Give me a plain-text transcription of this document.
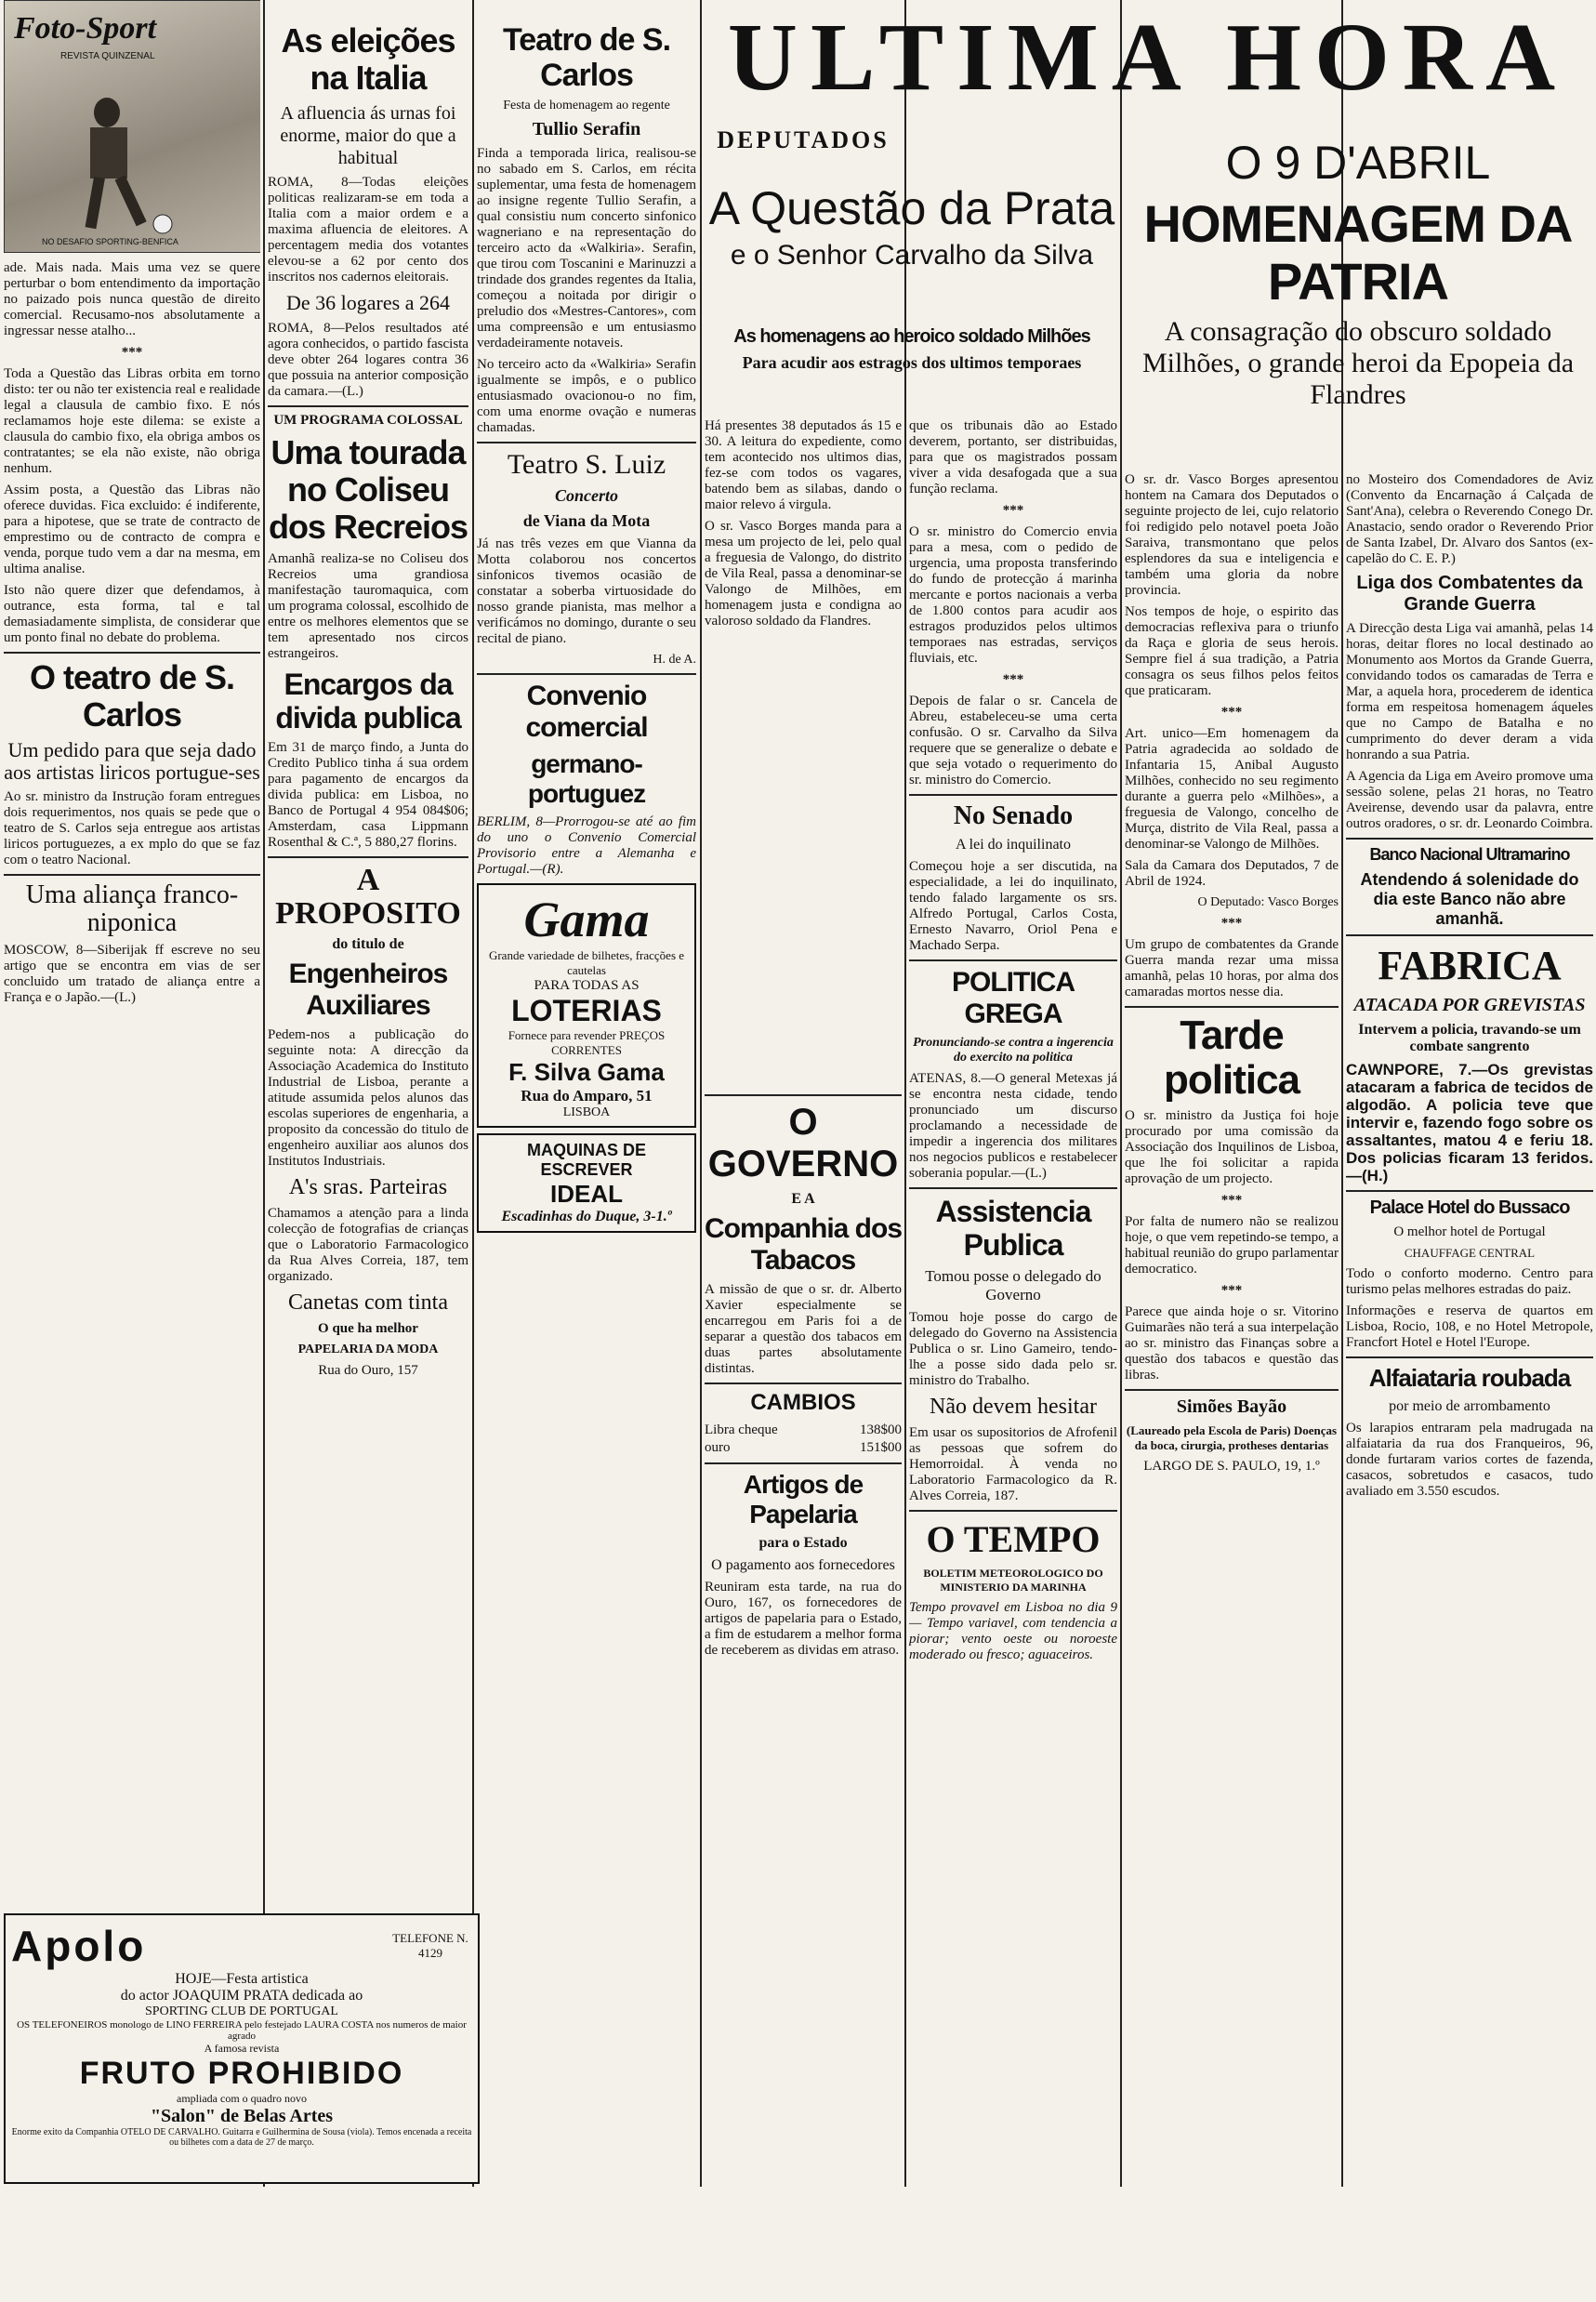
ULTIMA HORA
Foto-Sport
REVISTA QUINZENAL
NO DESAFIO SPORTING-BENFICA

ade. Mais nada. Mais uma vez se quere perturbar o bom entendimento da importação no paizado pois nunca questão de direito comercial. Recusamo-nos absolutamente a ingressar nesse atalho...

***

Toda a Questão das Libras orbita em torno disto: ter ou não ter existencia real e realidade legal a clausula de cambio fixo. E nós reclamamos hoje este dilema: se existe a clausula do cambio fixo, ela obriga ambos os contratantes; se ela não existe, não obriga nenhum.

Assim posta, a Questão das Libras não oferece duvidas. Fica excluido: é indiferente, para a hipotese, que se trate de contracto de emprestimo ou de contracto de compra e venda, porque tudo vem a dar na mesma, em ultima analise.

Isto não quere dizer que defendamos, à outrance, esta forma, tal e tal demasiadamente simplista, de considerar que um ponto final no debate do problema.

O teatro de S. Carlos
Um pedido para que seja dado aos artistas liricos portugue-ses

Ao sr. ministro da Instrução foram entregues dois requerimentos, nos quais se pede que o teatro de S. Carlos seja entregue aos artistas liricos portuguezes, a ex mplo do que se faz com o teatro Nacional.

Uma aliança franco-niponica

MOSCOW, 8—Siberijak ff escreve no seu artigo que se encontra em vias de ser concluido um tratado de aliança entre a França e o Japão.—(L.)

As eleições na Italia
A afluencia ás urnas foi enorme, maior do que a habitual

ROMA, 8—Todas eleições politicas realizaram-se em toda a Italia com a maior ordem e a maxima afluencia de eleitores. A percentagem media dos votantes elevou-se a 62 por cento dos inscritos nos cadernos eleitorais.

De 36 logares a 264

ROMA, 8—Pelos resultados até agora conhecidos, o partido fascista deve obter 264 logares contra 36 que possuia na anterior composição da camara.—(L.)

UM PROGRAMA COLOSSAL
Uma tourada no Coliseu dos Recreios

Amanhã realiza-se no Coliseu dos Recreios uma grandiosa manifestação tauromaquica, com um programa colossal, escolhido de entre os melhores elementos que se tem apresentado nos circos estrangeiros.

Encargos da divida publica

Em 31 de março findo, a Junta do Credito Publico tinha á sua ordem para pagamento de encargos da divida publica: em Lisboa, no Banco de Portugal 4 954 084$06; Amsterdam, casa Lippmann Rosenthal & C.ª, 5 880,27 florins.

A PROPOSITO
do titulo de
Engenheiros Auxiliares

Pedem-nos a publicação do seguinte nota: A direcção da Associação Academica do Instituto Industrial de Lisboa, perante a atitude assumida pelos alunos das escolas superiores de engenharia, a proposito da concessão do titulo de engenheiro auxiliar aos alunos dos Institutos Industriais.

A's sras. Parteiras

Chamamos a atenção para a linda colecção de fotografias de crianças que o Laboratorio Farmacologico da Rua Alves Correia, 187, tem organizado.

Canetas com tinta
O que ha melhor
PAPELARIA DA MODA
Rua do Ouro, 157
Teatro de S. Carlos
Festa de homenagem ao regente
Tullio Serafin

Finda a temporada lirica, realisou-se no sabado em S. Carlos, em récita suplementar, uma festa de homenagem ao insigne regente Tullio Serafin, a qual consistiu num concerto sinfonico wagneriano e na representação do terceiro acto da «Walkiria». Serafin, que tirou com Toscanini e Marinuzzi a trindade dos grandes regentes da Italia, começou a noitada por dirigir o preludio dos «Mestres-Cantores», com uma compreensão e um entusiasmo verdadeiramente notaveis.

No terceiro acto da «Walkiria» Serafin igualmente se impôs, e o publico entusiasmado ovacionou-o no fim, com uma enorme ovação e numeras chamadas.

Teatro S. Luiz
Concerto
de Viana da Mota

Já nas três vezes em que Vianna da Motta colaborou nos concertos sinfonicos tivemos ocasião de constatar a soberba virtuosidade do nosso grande pianista, mas melhor a verificámos no domingo, durante o seu recital de piano.

H. de A.
Convenio comercial
germano-portuguez

BERLIM, 8—Prorrogou-se até ao fim do uno o Convenio Comercial Provisorio entre a Alemanha e Portugal.—(R).

Gama
Grande variedade de bilhetes, fracções e cautelas
PARA TODAS AS
LOTERIAS
Fornece para revender PREÇOS CORRENTES
F. Silva Gama
Rua do Amparo, 51
LISBOA
MAQUINAS DE ESCREVER
IDEAL
Escadinhas do Duque, 3-1.º
DEPUTADOS
A Questão da Prata
e o Senhor Carvalho da Silva
As homenagens ao heroico soldado Milhões
Para acudir aos estragos dos ultimos temporaes

Há presentes 38 deputados ás 15 e 30. A leitura do expediente, como tem acontecido nos ultimos dias, fez-se com todos os vagares, batendo bem as silabas, dando o maior relevo á virgula.

O sr. Vasco Borges manda para a mesa um projecto de lei, pelo qual a freguesia de Valongo, do distrito de Vila Real, passa a denominar-se Valongo de Milhões, em homenagem justa e condigna ao valoroso soldado da Flandres.

O GOVERNO
E A
Companhia dos Tabacos

A missão de que o sr. dr. Alberto Xavier especialmente se encarregou em Paris foi a de separar a questão dos tabacos em duas partes absolutamente distintas.

CAMBIOS
Libra cheque	138$00
ouro	151$00
Artigos de Papelaria
para o Estado
O pagamento aos fornecedores

Reuniram esta tarde, na rua do Ouro, 167, os fornecedores de artigos de papelaria para o Estado, a fim de estudarem a melhor forma de receberem as dividas em atraso.

que os tribunais dão ao Estado deverem, portanto, ser distribuidas, para que os magistrados possam viver a vida desafogada que a sua função reclama.

***

O sr. ministro do Comercio envia para a mesa, com o pedido de urgencia, uma proposta transferindo do fundo de protecção á marinha mercante e portos nacionais a verba de 1.800 contos para acudir aos estragos produzidos pelos ultimos temporaes nas estradas, serviços fluviais, etc.

***

Depois de falar o sr. Cancela de Abreu, estabeleceu-se uma certa confusão. O sr. Carvalho da Silva requere que se generalize o debate e que seja votado o requerimento do sr. ministro do Comercio.

No Senado
A lei do inquilinato

Começou hoje a ser discutida, na especialidade, a lei do inquilinato, tendo falado largamente os srs. Alfredo Portugal, Carlos Costa, Ernesto Navarro, Oriol Pena e Machado Serpa.

POLITICA GREGA
Pronunciando-se contra a ingerencia do exercito na politica

ATENAS, 8.—O general Metexas já se encontra nesta cidade, tendo pronunciado um discurso proclamando a necessidade de impedir a ingerencia dos militares nos negocios publicos e restabelecer soberania popular.—(L.)

Assistencia Publica
Tomou posse o delegado do Governo

Tomou hoje posse do cargo de delegado do Governo na Assistencia Publica o sr. Lino Gameiro, tendo-lhe a posse sido dada pelo sr. ministro do Trabalho.

Não devem hesitar

Em usar os supositorios de Afrofenil as pessoas que sofrem do Hemorroidal. À venda no Laboratorio Farmacologico da R. Alves Correia, 187.

O TEMPO
BOLETIM METEOROLOGICO DO MINISTERIO DA MARINHA

Tempo provavel em Lisboa no dia 9 — Tempo variavel, com tendencia a piorar; vento oeste ou noroeste moderado ou fresco; aguaceiros.

O 9 D'ABRIL
HOMENAGEM DA PATRIA
A consagração do obscuro soldado Milhões, o grande heroi da Epopeia da Flandres

O sr. dr. Vasco Borges apresentou hontem na Camara dos Deputados o seguinte projecto de lei, cujo relatorio foi redigido pelo notavel poeta João Saraiva, transmontano que pelos esplendores da sua e inteligencia e também uma gloria da nobre provincia.

Nos tempos de hoje, o espirito das democracias reflexiva para o triunfo da Raça e gloria de seus herois. Sempre fiel á sua tradição, a Patria consagra os seus filhos pelos feitos que praticaram.

***

Art. unico—Em homenagem da Patria agradecida ao soldado de Infantaria 15, Anibal Augusto Milhões, conhecido no seu regimento durante a guerra pelo «Milhões», a freguesia de Valongo, concelho de Murça, distrito de Vila Real, passa a denominar-se Valongo de Milhões.

Sala da Camara dos Deputados, 7 de Abril de 1924.

O Deputado: Vasco Borges
***

Um grupo de combatentes da Grande Guerra manda rezar uma missa amanhã, pelas 10 horas, por alma dos camaradas mortos nesse dia.

Tarde politica

O sr. ministro da Justiça foi hoje procurado por uma comissão da Associação dos Inquilinos de Lisboa, que lhe foi solicitar a rapida aprovação de um projecto.

***

Por falta de numero não se realizou hoje, o que vem repetindo-se tempo, a habitual reunião do grupo parlamentar democratico.

***

Parece que ainda hoje o sr. Vitorino Guimarães não terá a sua interpelação ao sr. ministro das Finanças sobre a questão dos tabacos e questão das libras.

Simões Bayão
(Laureado pela Escola de Paris) Doenças da boca, cirurgia, protheses dentarias
LARGO DE S. PAULO, 19, 1.º

no Mosteiro dos Comendadores de Aviz (Convento da Encarnação á Calçada de Sant'Ana), celebra o Reverendo Conego Dr. Anastacio, sendo orador o Reverendo Prior de Santa Izabel, Dr. Alvaro dos Santos (ex-capelão do C. E. P.)

Liga dos Combatentes da Grande Guerra

A Direcção desta Liga vai amanhã, pelas 14 horas, deitar flores no local destinado ao Monumento aos Mortos da Grande Guerra, convidando todos os camaradas de Terra e Mar, a aquela hora, procederem de identica forma em respeitosa homenagem áqueles que no Campo de Batalha e no cumprimento do dever deram a vida honrando a sua Patria.

A Agencia da Liga em Aveiro promove uma sessão solene, pelas 21 horas, no Teatro Aveirense, devendo usar da palavra, entre outros oradores, o sr. dr. Leonardo Coimbra.

Banco Nacional Ultramarino
Atendendo á solenidade do dia este Banco não abre amanhã.
FABRICA
ATACADA POR GREVISTAS
Intervem a policia, travando-se um combate sangrento

CAWNPORE, 7.—Os grevistas atacaram a fabrica de tecidos de algodão. A policia teve que intervir e, fazendo fogo sobre os assaltantes, matou 4 e feriu 18. Dos policias ficaram 13 feridos.—(H.)

Palace Hotel do Bussaco
O melhor hotel de Portugal
CHAUFFAGE CENTRAL

Todo o conforto moderno. Centro para turismo pelas melhores estradas do paiz.

Informações e reserva de quartos em Lisboa, Rocio, 108, e no Hotel Metropole, Francfort Hotel e Hotel l'Europe.

Alfaiataria roubada
por meio de arrombamento

Os larapios entraram pela madrugada na alfaiataria da rua dos Franqueiros, 96, donde furtaram varios cortes de fazenda, casacos, sobretudos e casacos, tudo avaliado em 3.550 escudos.

Apolo	TELEFONE N. 4129
HOJE—Festa artistica
do actor JOAQUIM PRATA dedicada ao
SPORTING CLUB DE PORTUGAL
OS TELEFONEIROS monologo de LINO FERREIRA pelo festejado LAURA COSTA nos numeros de maior agrado
A famosa revista
FRUTO PROHIBIDO
ampliada com o quadro novo
"Salon" de Belas Artes
Enorme exito da Companhia OTELO DE CARVALHO. Guitarra e Guilhermina de Sousa (viola). Temos encenada a receita ou bilhetes com a data de 27 de março.
